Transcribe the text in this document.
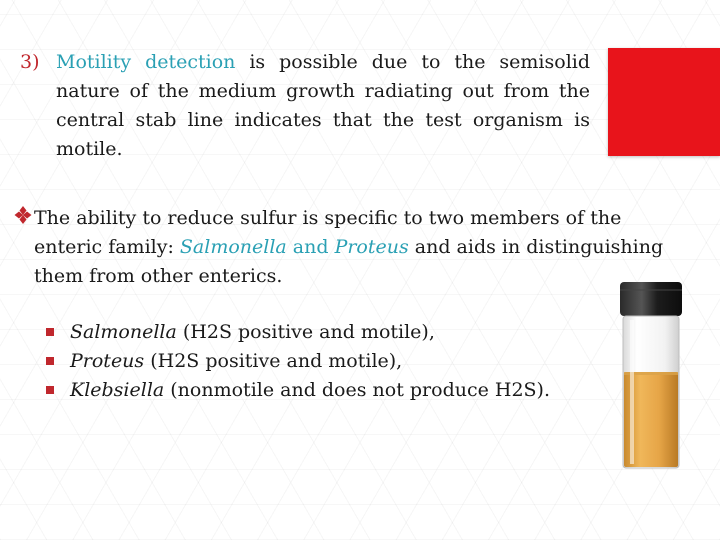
3) Motility detection is possible due to the semisolid nature of the medium growth radiating out from the central stab line indicates that the test organism is motile.
The ability to reduce sulfur is specific to two members of the enteric family: Salmonella and Proteus and aids in distinguishing them from other enterics.
Salmonella (H2S positive and motile),
Proteus (H2S positive and motile),
Klebsiella (nonmotile and does not produce H2S).
